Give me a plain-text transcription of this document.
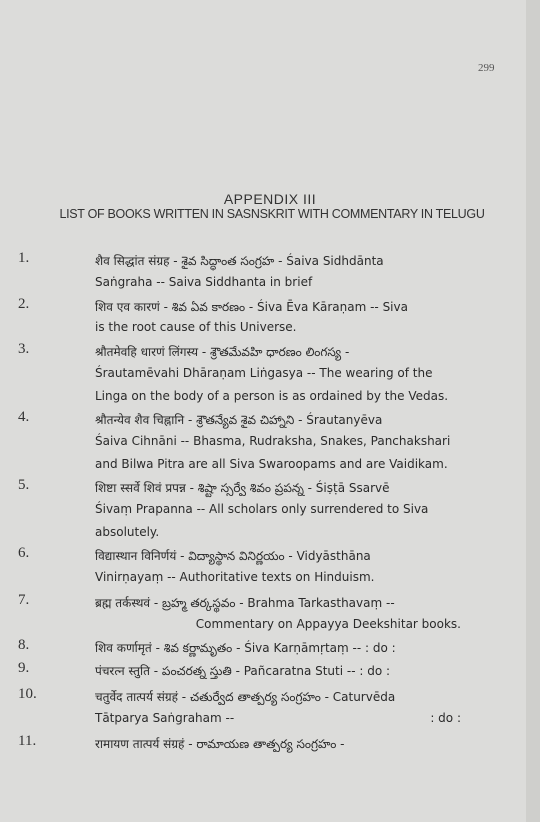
299
APPENDIX III
LIST OF BOOKS WRITTEN IN SASNSKRIT WITH COMMENTARY IN TELUGU
1.	शैव सिद्धांत संग्रह - శైవ సిద్ధాంత సంగ్రహ - Śaiva Sidhdānta
Saṅgraha -- Saiva Siddhanta in brief
2.	शिव एव कारणं - శివ ఏవ కారణం - Śiva Ēva Kāraṇam -- Siva
is the root cause of this Universe.
3.	श्रौतमेवहि धारणं लिंगस्य - శ్రౌతమేవహి ధారణం లింగస్య -
Śrautamēvahi Dhāraṇam Liṅgasya -- The wearing of the
Linga on the body of a person is as ordained by the Vedas.
4.	श्रौतन्येव शैव चिह्नानि - శ్రౌతన్యేవ శైవ చిహ్నాని - Śrautanyēva
Śaiva Cihnāni -- Bhasma, Rudraksha, Snakes, Panchakshari
and Bilwa Pitra are all Siva Swaroopams and are Vaidikam.
5.	शिष्टा स्सर्वे शिवं प्रपन्न - శిష్టా స్సర్వే శివం ప్రపన్న - Śiṣṭā Ssarvē
Śivaṃ Prapanna -- All scholars only surrendered to Siva
absolutely.
6.	विद्यास्थान विनिर्णयं - విద్యాస్థాన వినిర్ణయం - Vidyāsthāna
Vinirṇayaṃ -- Authoritative texts on Hinduism.
7.	ब्रह्म तर्कस्थवं - బ్రహ్మ తర్కస్థవం - Brahma Tarkasthavaṃ --
Commentary on Appayya Deekshitar books.
8.	शिव कर्णामृतं - శివ కర్ణామృతం - Śiva Karṇāmṛtaṃ -- : do :
9.	पंचरत्न स्तुति - పంచరత్న స్తుతి - Pañcaratna Stuti -- : do :
10.	चतुर्वेद तात्पर्य संग्रहं - చతుర్వేద తాత్పర్య సంగ్రహం - Caturvēda
Tātparya Saṅgraham --	: do :
11.	रामायण तात्पर्य संग्रहं - రామాయణ తాత్పర్య సంగ్రహం -
